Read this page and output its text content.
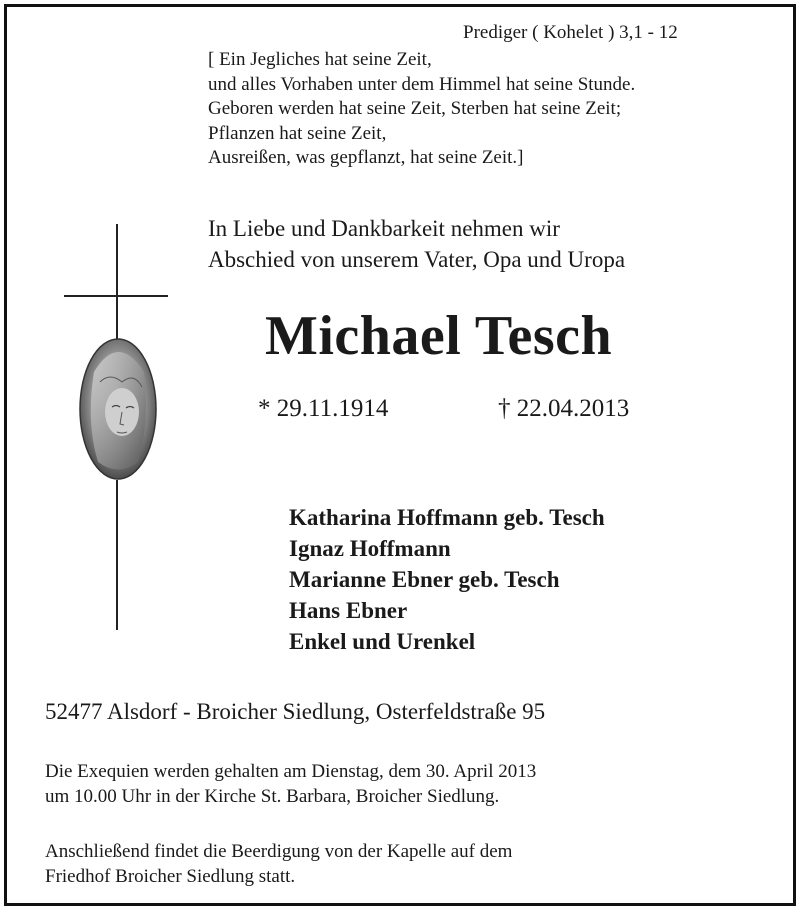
Prediger ( Kohelet ) 3,1 - 12
[ Ein Jegliches hat seine Zeit,
und alles Vorhaben unter dem Himmel hat seine Stunde.
Geboren werden hat seine Zeit, Sterben hat seine Zeit;
Pflanzen hat seine Zeit,
Ausreißen, was gepflanzt, hat seine Zeit.]
In Liebe und Dankbarkeit nehmen wir
Abschied von unserem Vater, Opa und Uropa
Michael Tesch
* 29.11.1914	† 22.04.2013
Katharina Hoffmann geb. Tesch
Ignaz Hoffmann
Marianne Ebner geb. Tesch
Hans Ebner
Enkel und Urenkel
52477 Alsdorf - Broicher Siedlung, Osterfeldstraße 95
Die Exequien werden gehalten am Dienstag, dem 30. April 2013
um 10.00 Uhr in der Kirche St. Barbara, Broicher Siedlung.
Anschließend findet die Beerdigung von der Kapelle auf dem
Friedhof Broicher Siedlung statt.
